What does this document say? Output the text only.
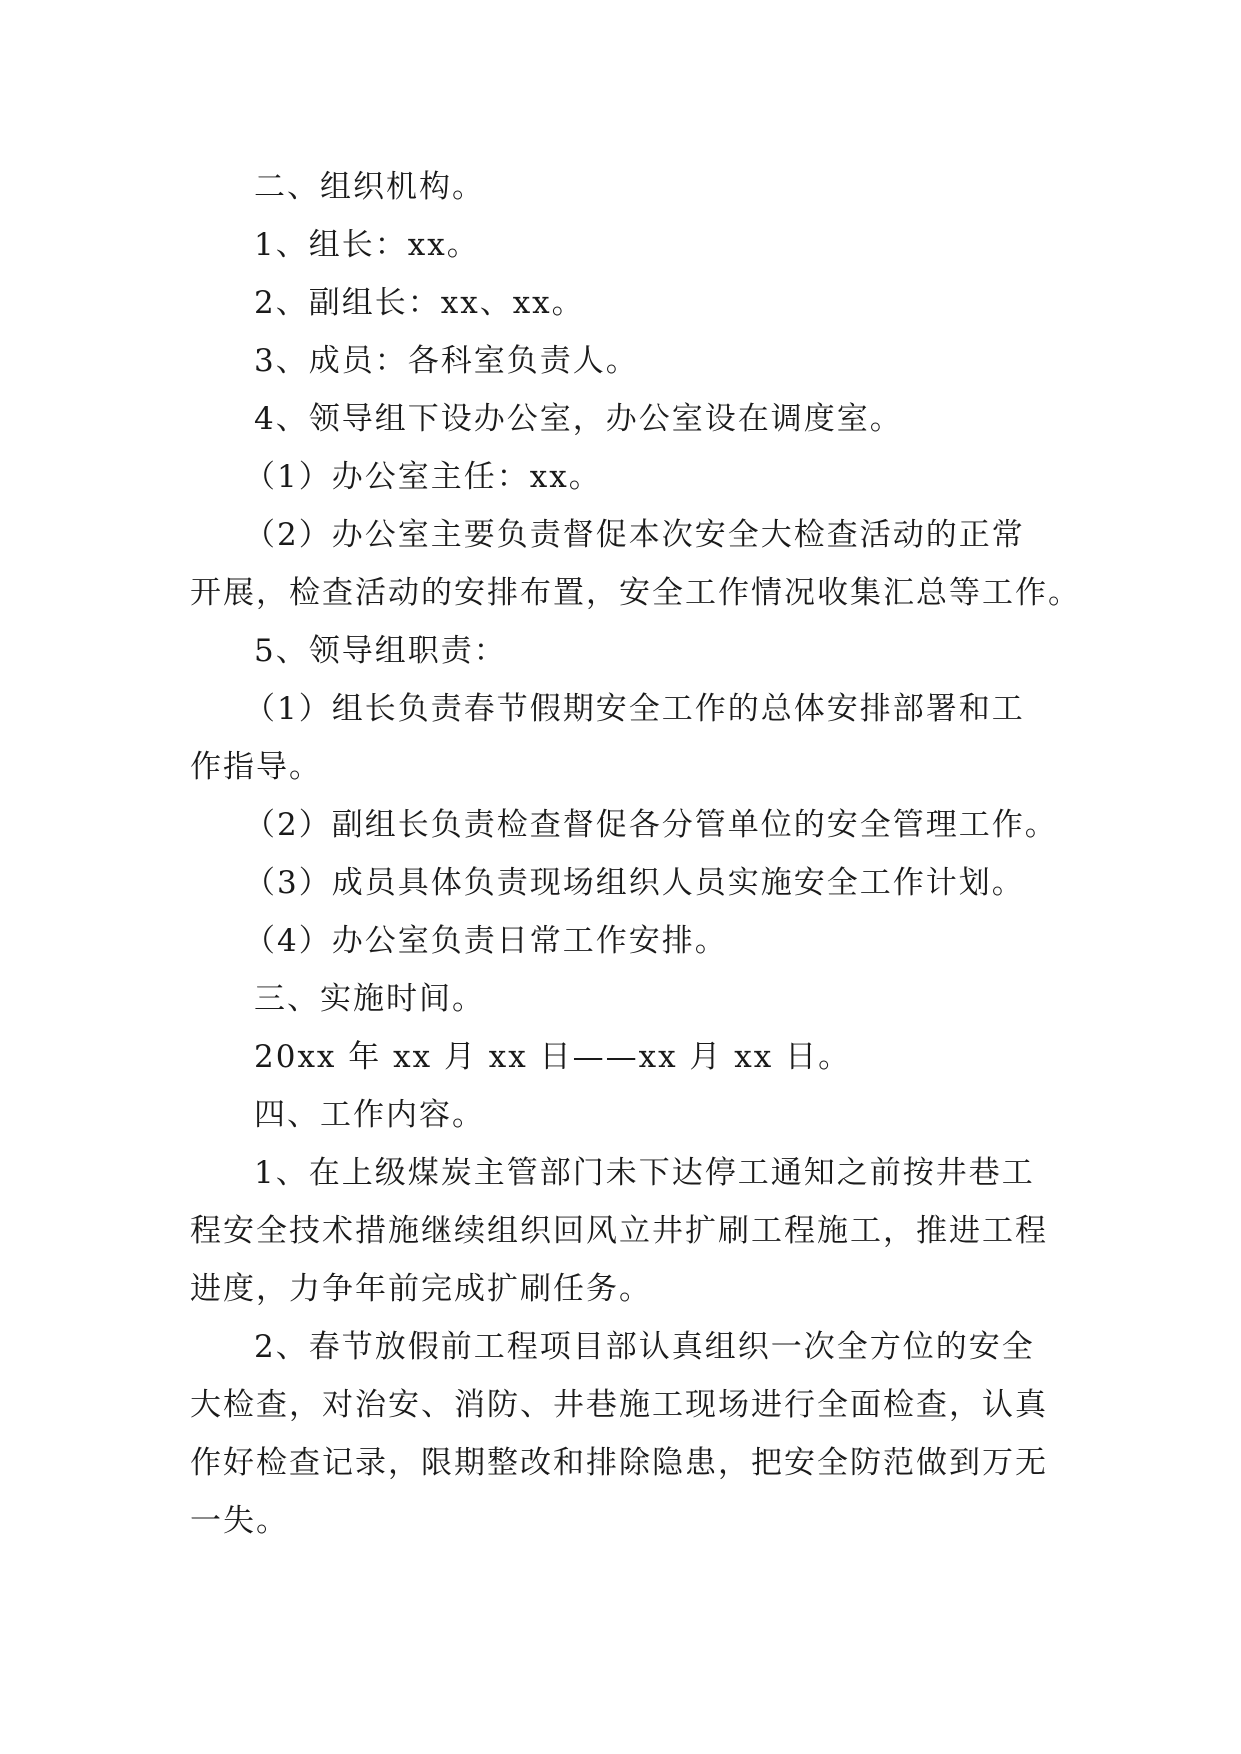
二、组织机构。
1、组长：xx。
2、副组长：xx、xx。
3、成员：各科室负责人。
4、领导组下设办公室，办公室设在调度室。
（1）办公室主任：xx。
（2）办公室主要负责督促本次安全大检查活动的正常
开展，检查活动的安排布置，安全工作情况收集汇总等工作。
5、领导组职责：
（1）组长负责春节假期安全工作的总体安排部署和工
作指导。
（2）副组长负责检查督促各分管单位的安全管理工作。
（3）成员具体负责现场组织人员实施安全工作计划。
（4）办公室负责日常工作安排。
三、实施时间。
20xx 年 xx 月 xx 日——xx 月 xx 日。
四、工作内容。
1、在上级煤炭主管部门未下达停工通知之前按井巷工
程安全技术措施继续组织回风立井扩刷工程施工，推进工程
进度，力争年前完成扩刷任务。
2、春节放假前工程项目部认真组织一次全方位的安全
大检查，对治安、消防、井巷施工现场进行全面检查，认真
作好检查记录，限期整改和排除隐患，把安全防范做到万无
一失。
